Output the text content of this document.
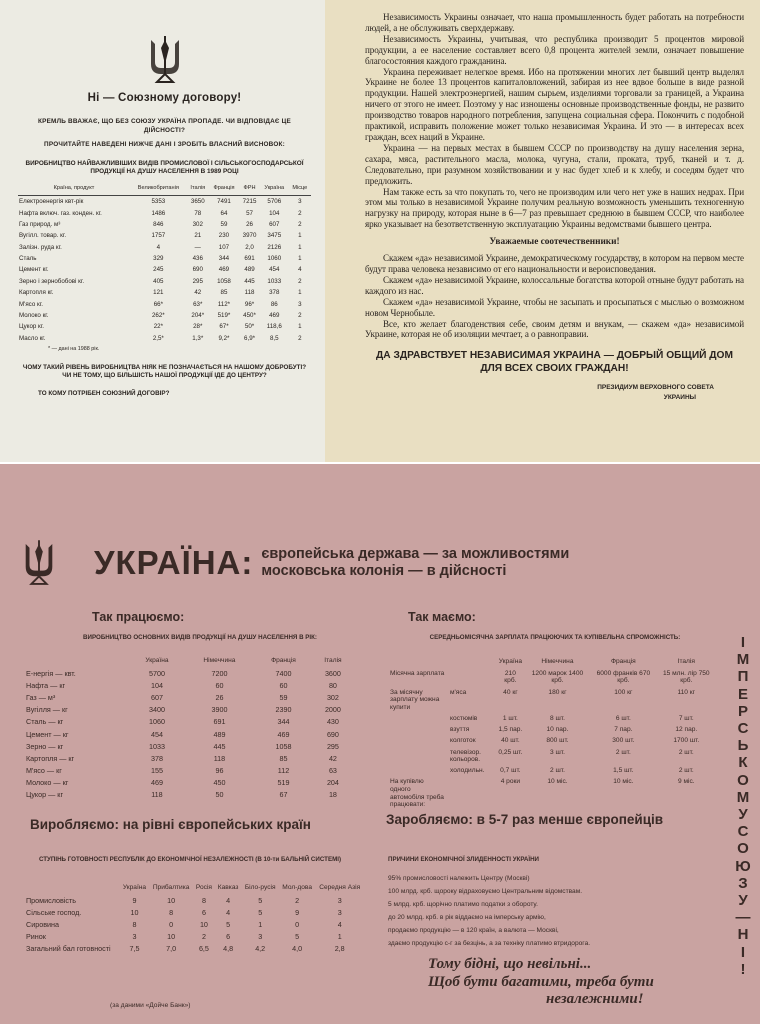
Ні — Союзному договору!
КРЕМЛЬ ВВАЖАЄ, ЩО БЕЗ СОЮЗУ УКРАЇНА ПРОПАДЕ. ЧИ ВІДПОВІДАЄ ЦЕ ДІЙСНОСТІ?
ПРОЧИТАЙТЕ НАВЕДЕНІ НИЖЧЕ ДАНІ І ЗРОБІТЬ ВЛАСНИЙ ВИСНОВОК:
ВИРОБНИЦТВО НАЙВАЖЛИВІШИХ ВИДІВ ПРОМИСЛОВОЇ І СІЛЬСЬКОГОСПОДАРСЬКОЇ ПРОДУКЦІЇ НА ДУШУ НАСЕЛЕННЯ В 1989 РОЦІ
Країна, продукт	Великобританія	Італія	Франція	ФРН	Україна	Місце
Електроенергія квт-рік	5353	3650	7491	7215	5706	3
Нафта включ. газ. конден. кг.	1486	78	64	57	104	2
Газ природ. м³	846	302	59	26	607	2
Вугілл. товар. кг.	1757	21	230	3970	3475	1
Залізн. руда кг.	4	—	107	2,0	2126	1
Сталь	329	436	344	691	1060	1
Цемент кг.	245	690	469	489	454	4
Зерно і зернобобові кг.	405	295	1058	445	1033	2
Картопля кг.	121	42	85	118	378	1
М'ясо кг.	66*	63*	112*	96*	86	3
Молоко кг.	262*	204*	519*	450*	469	2
Цукор кг.	22*	28*	67*	50*	118,6	1
Масло кг.	2,5*	1,3*	9,2*	6,9*	8,5	2
* — дані на 1988 рік.
ЧОМУ ТАКИЙ РІВЕНЬ ВИРОБНИЦТВА НІЯК НЕ ПОЗНАЧАЄТЬСЯ НА НАШОМУ ДОБРОБУТІ? ЧИ НЕ ТОМУ, ЩО БІЛЬШІСТЬ НАШОЇ ПРОДУКЦІЇ ІДЕ ДО ЦЕНТРУ?
ТО КОМУ ПОТРІБЕН СОЮЗНИЙ ДОГОВІР?

Независимость Украины означает, что наша промышленность будет работать на потребности людей, а не обслуживать сверхдержаву.

Независимость Украины, учитывая, что республика производит 5 процентов мировой продукции, а ее население составляет всего 0,8 процента жителей земли, означает повышение благосостояния каждого гражданина.

Украина переживает нелегкое время. Ибо на протяжении многих лет бывший центр выделял Украине не более 13 процентов капиталовложений, забирая из нее вдвое больше в виде разной продукции. Нашей электроэнергией, нашим сырьем, изделиями торговали за границей, а Украина ничего от этого не имеет. Поэтому у нас изношены основные производственные фонды, не развито производство товаров народного потребления, запущена социальная сфера. Покончить с подобной практикой, исправить положение может только независимая Украина. И это — в интересах всех граждан, всех наций в Украине.

Украина — на первых местах в бывшем СССР по производству на душу населения зерна, сахара, мяса, растительного масла, молока, чугуна, стали, проката, труб, тканей и т. д. Следовательно, при разумном хозяйствовании и у нас будет хлеб и к хлебу, и соседям будет что предложить.

Нам также есть за что покупать то, чего не производим или чего нет уже в наших недрах. При этом мы только в независимой Украине получим реальную возможность уменьшить техногенную нагрузку на природу, которая ныне в 6—7 раз превышает среднюю в бывшем СССР, что наиболее ярко указывает на безответственную эксплуатацию Украины ведомствами бывшего центра.

Уважаемые соотечественники!

Скажем «да» независимой Украине, демократическому государству, в котором на первом месте будут права человека независимо от его национальности и вероисповедания.

Скажем «да» независимой Украине, колоссальные богатства которой отныне будут работать на каждого из нас.

Скажем «да» независимой Украине, чтобы не засыпать и просыпаться с мыслью о возможном новом Чернобыле.

Все, кто желает благоденствия себе, своим детям и внукам, — скажем «да» независимой Украине, которая не об изоляции мечтает, а о равноправии.

ДА ЗДРАВСТВУЕТ НЕЗАВИСИМАЯ УКРАИНА — ДОБРЫЙ ОБЩИЙ ДОМ ДЛЯ ВСЕХ СВОИХ ГРАЖДАН!
ПРЕЗИДИУМ ВЕРХОВНОГО СОВЕТА
УКРАИНЫ
УКРАЇНА: європейська держава — за можливостями
московська колонія — в дійсності
Так працюємо:	Так маємо:
ВИРОБНИЦТВО ОСНОВНИХ ВИДІВ ПРОДУКЦІЇ НА ДУШУ НАСЕЛЕННЯ В РІК:
	Україна	Німеччина	Франція	Італія
Е-нергія — квт.	5700	7200	7400	3600
Нафта — кг	104	60	60	80
Газ — м³	607	26	59	302
Вугілля — кг	3400	3900	2390	2000
Сталь — кг	1060	691	344	430
Цемент — кг	454	489	469	690
Зерно — кг	1033	445	1058	295
Картопля — кг	378	118	85	42
М'ясо — кг	155	96	112	63
Молоко — кг	469	450	519	204
Цукор — кг	118	50	67	18
Виробляємо: на рівні європейських країн
СЕРЕДНЬОМІСЯЧНА ЗАРПЛАТА ПРАЦЮЮЧИХ ТА КУПІВЕЛЬНА СПРОМОЖНІСТЬ:
		Україна	Німеччина	Франція	Італія
Місячна зарплата		210 крб.	1200 марок 1400 крб.	6000 франків 670 крб.	15 млн. лір 750 крб.
За місячну зарплату можна купити	м'яса	40 кг	180 кг	100 кг	110 кг
	костюмів	1 шт.	8 шт.	6 шт.	7 шт.
	взуття	1,5 пар.	10 пар.	7 пар.	12 пар.
	колготок	40 шт.	800 шт.	300 шт.	1700 шт.
	телевізор. кольоров.	0,25 шт.	3 шт.	2 шт.	2 шт.
	холодильн.	0,7 шт.	2 шт.	1,5 шт.	2 шт.
На купівлю одного автомобіля треба працювати:		4 роки	10 міс.	10 міс.	9 міс.
Заробляємо: в 5-7 раз менше європейців
СТУПІНЬ ГОТОВНОСТІ РЕСПУБЛІК ДО ЕКОНОМІЧНОЇ НЕЗАЛЕЖНОСТІ (В 10-ти БАЛЬНІЙ СИСТЕМІ)
	Україна	Прибалтика	Росія	Кавказ	Біло-русія	Мол-дова	Середня Азія
Промисловість	9	10	8	4	5	2	3
Сільське господ.	10	8	6	4	5	9	3
Сировина	8	0	10	5	1	0	4
Ринок	3	10	2	6	3	5	1
Загальний бал готовності	7,5	7,0	6,5	4,8	4,2	4,0	2,8
(за даними «Дойче Банк»)
ПРИЧИНИ ЕКОНОМІЧНОЇ ЗЛИДЕННОСТІ УКРАЇНИ
95% промисловості належить Центру (Москві)
100 млрд. крб. щороку відраховуємо Центральним відомствам.
5 млрд. крб. щорічно платимо податки з обороту.
до 20 млрд. крб. в рік віддаємо на імперську армію,
продаємо продукцію — в 120 країн, а валюта — Москві,
здаємо продукцію с-г за безцінь, а за техніку платимо втридорога.
Тому бідні, що невільні...
Щоб бути багатими, треба бути
незалежними!
І
М
П
Е
Р
С
Ь
К
О
М
У
С
О
Ю
З
У
—
Н
І
!
